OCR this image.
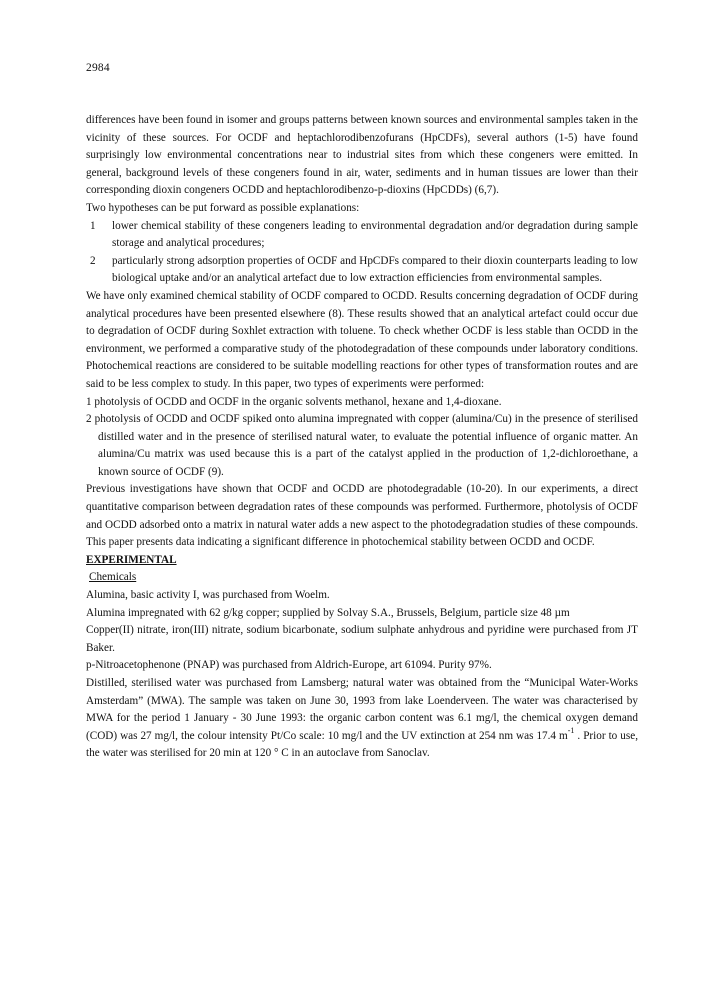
2984

differences have been found in isomer and groups patterns between known sources and environmental samples taken in the vicinity of these sources. For OCDF and heptachlorodibenzofurans (HpCDFs), several authors (1-5) have found surprisingly low environmental concentrations near to industrial sites from which these congeners were emitted. In general, background levels of these congeners found in air, water, sediments and in human tissues are lower than their corresponding dioxin congeners OCDD and heptachlorodibenzo-p-dioxins (HpCDDs) (6,7).

Two hypotheses can be put forward as possible explanations:

1	lower chemical stability of these congeners leading to environmental degradation and/or degradation during sample storage and analytical procedures;
2	particularly strong adsorption properties of OCDF and HpCDFs compared to their dioxin counterparts leading to low biological uptake and/or an analytical artefact due to low extraction efficiencies from environmental samples.

We have only examined chemical stability of OCDF compared to OCDD. Results concerning degradation of OCDF during analytical procedures have been presented elsewhere (8). These results showed that an analytical artefact could occur due to degradation of OCDF during Soxhlet extraction with toluene. To check whether OCDF is less stable than OCDD in the environment, we performed a comparative study of the photodegradation of these compounds under laboratory conditions. Photochemical reactions are considered to be suitable modelling reactions for other types of transformation routes and are said to be less complex to study. In this paper, two types of experiments were performed:

1 photolysis of OCDD and OCDF in the organic solvents methanol, hexane and 1,4-dioxane.

2 photolysis of OCDD and OCDF spiked onto alumina impregnated with copper (alumina/Cu) in the presence of sterilised distilled water and in the presence of sterilised natural water, to evaluate the potential influence of organic matter. An alumina/Cu matrix was used because this is a part of the catalyst applied in the production of 1,2-dichloroethane, a known source of OCDF (9).

Previous investigations have shown that OCDF and OCDD are photodegradable (10-20). In our experiments, a direct quantitative comparison between degradation rates of these compounds was performed. Furthermore, photolysis of OCDF and OCDD adsorbed onto a matrix in natural water adds a new aspect to the photodegradation studies of these compounds. This paper presents data indicating a significant difference in photochemical stability between OCDD and OCDF.

EXPERIMENTAL

Chemicals

Alumina, basic activity I, was purchased from Woelm.

Alumina impregnated with 62 g/kg copper; supplied by Solvay S.A., Brussels, Belgium, particle size 48 µm

Copper(II) nitrate, iron(III) nitrate, sodium bicarbonate, sodium sulphate anhydrous and pyridine were purchased from JT Baker.

p-Nitroacetophenone (PNAP) was purchased from Aldrich-Europe, art 61094. Purity 97%.

Distilled, sterilised water was purchased from Lamsberg; natural water was obtained from the “Municipal Water-Works Amsterdam” (MWA). The sample was taken on June 30, 1993 from lake Loenderveen. The water was characterised by MWA for the period 1 January - 30 June 1993: the organic carbon content was 6.1 mg/l, the chemical oxygen demand (COD) was 27 mg/l, the colour intensity Pt/Co scale: 10 mg/l and the UV extinction at 254 nm was 17.4 $m^{-1}$ . Prior to use, the water was sterilised for 20 min at 120 ° C in an autoclave from Sanoclav.
